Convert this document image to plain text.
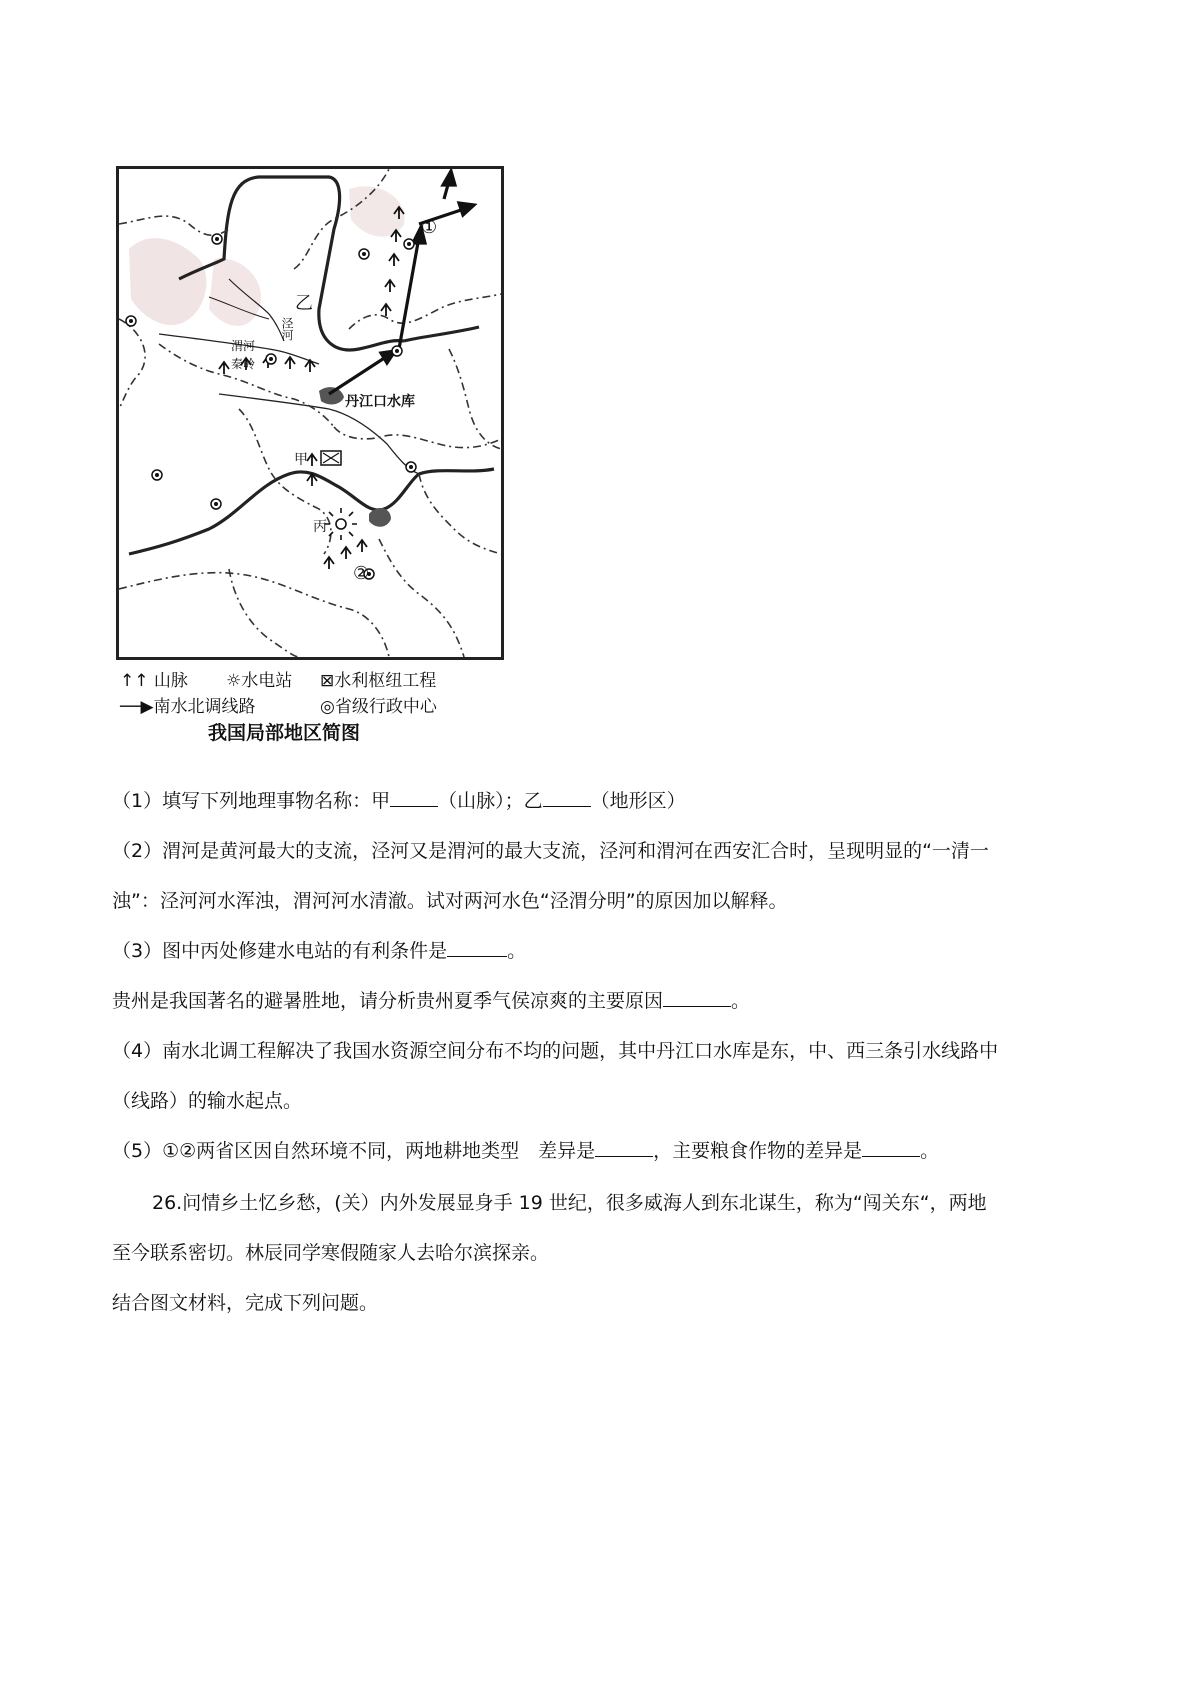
乙
泾河
渭河
秦岭
甲
丙
丹江口水库
①
②
↑↑ 山脉 ☼水电站 ⊠水利枢纽工程
──▶南水北调线路	◎省级行政中心
我国局部地区简图
（1）填写下列地理事物名称：甲	（山脉）；乙	（地形区）
（2）渭河是黄河最大的支流，泾河又是渭河的最大支流，泾河和渭河在西安汇合时，呈现明显的“一清一
浊”：泾河河水浑浊，渭河河水清澈。试对两河水色“泾渭分明”的原因加以解释。
（3）图中丙处修建水电站的有利条件是	。
贵州是我国著名的避暑胜地，请分析贵州夏季气侯凉爽的主要原因	。
（4）南水北调工程解决了我国水资源空间分布不均的问题，其中丹江口水库是东，中、西三条引水线路中
（线路）的输水起点。
（5）①②两省区因自然环境不同，两地耕地类型　差异是	，主要粮食作物的差异是	。
26.问情乡土忆乡愁，(关）内外发展显身手 19 世纪，很多威海人到东北谋生，称为“闯关东“，两地
至今联系密切。林辰同学寒假随家人去哈尔滨探亲。
结合图文材料，完成下列问题。
